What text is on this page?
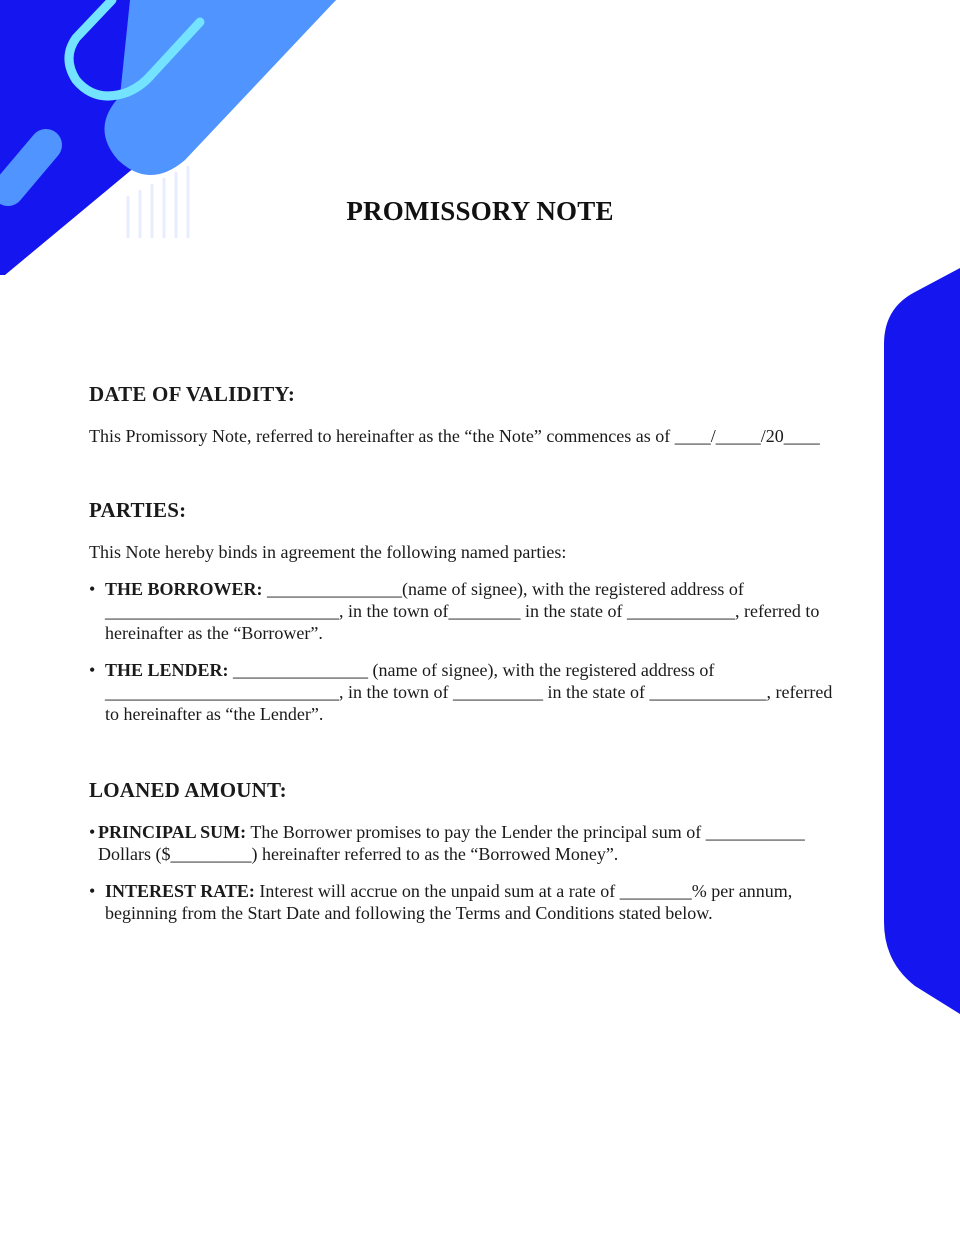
PROMISSORY NOTE
DATE OF VALIDITY:

This Promissory Note, referred to hereinafter as the “the Note” commences as of ____/_____/20____

PARTIES:

This Note hereby binds in agreement the following named parties:

• THE BORROWER: _______________(name of signee), with the registered address of
__________________________, in the town of________ in the state of ____________, referred to
hereinafter as the “Borrower”.
• THE LENDER: _______________ (name of signee), with the registered address of
__________________________, in the town of __________ in the state of _____________, referred
to hereinafter as “the Lender”.
LOANED AMOUNT:
• PRINCIPAL SUM: The Borrower promises to pay the Lender the principal sum of ___________
Dollars ($_________) hereinafter referred to as the “Borrowed Money”.
• INTEREST RATE: Interest will accrue on the unpaid sum at a rate of ________% per annum,
beginning from the Start Date and following the Terms and Conditions stated below.
